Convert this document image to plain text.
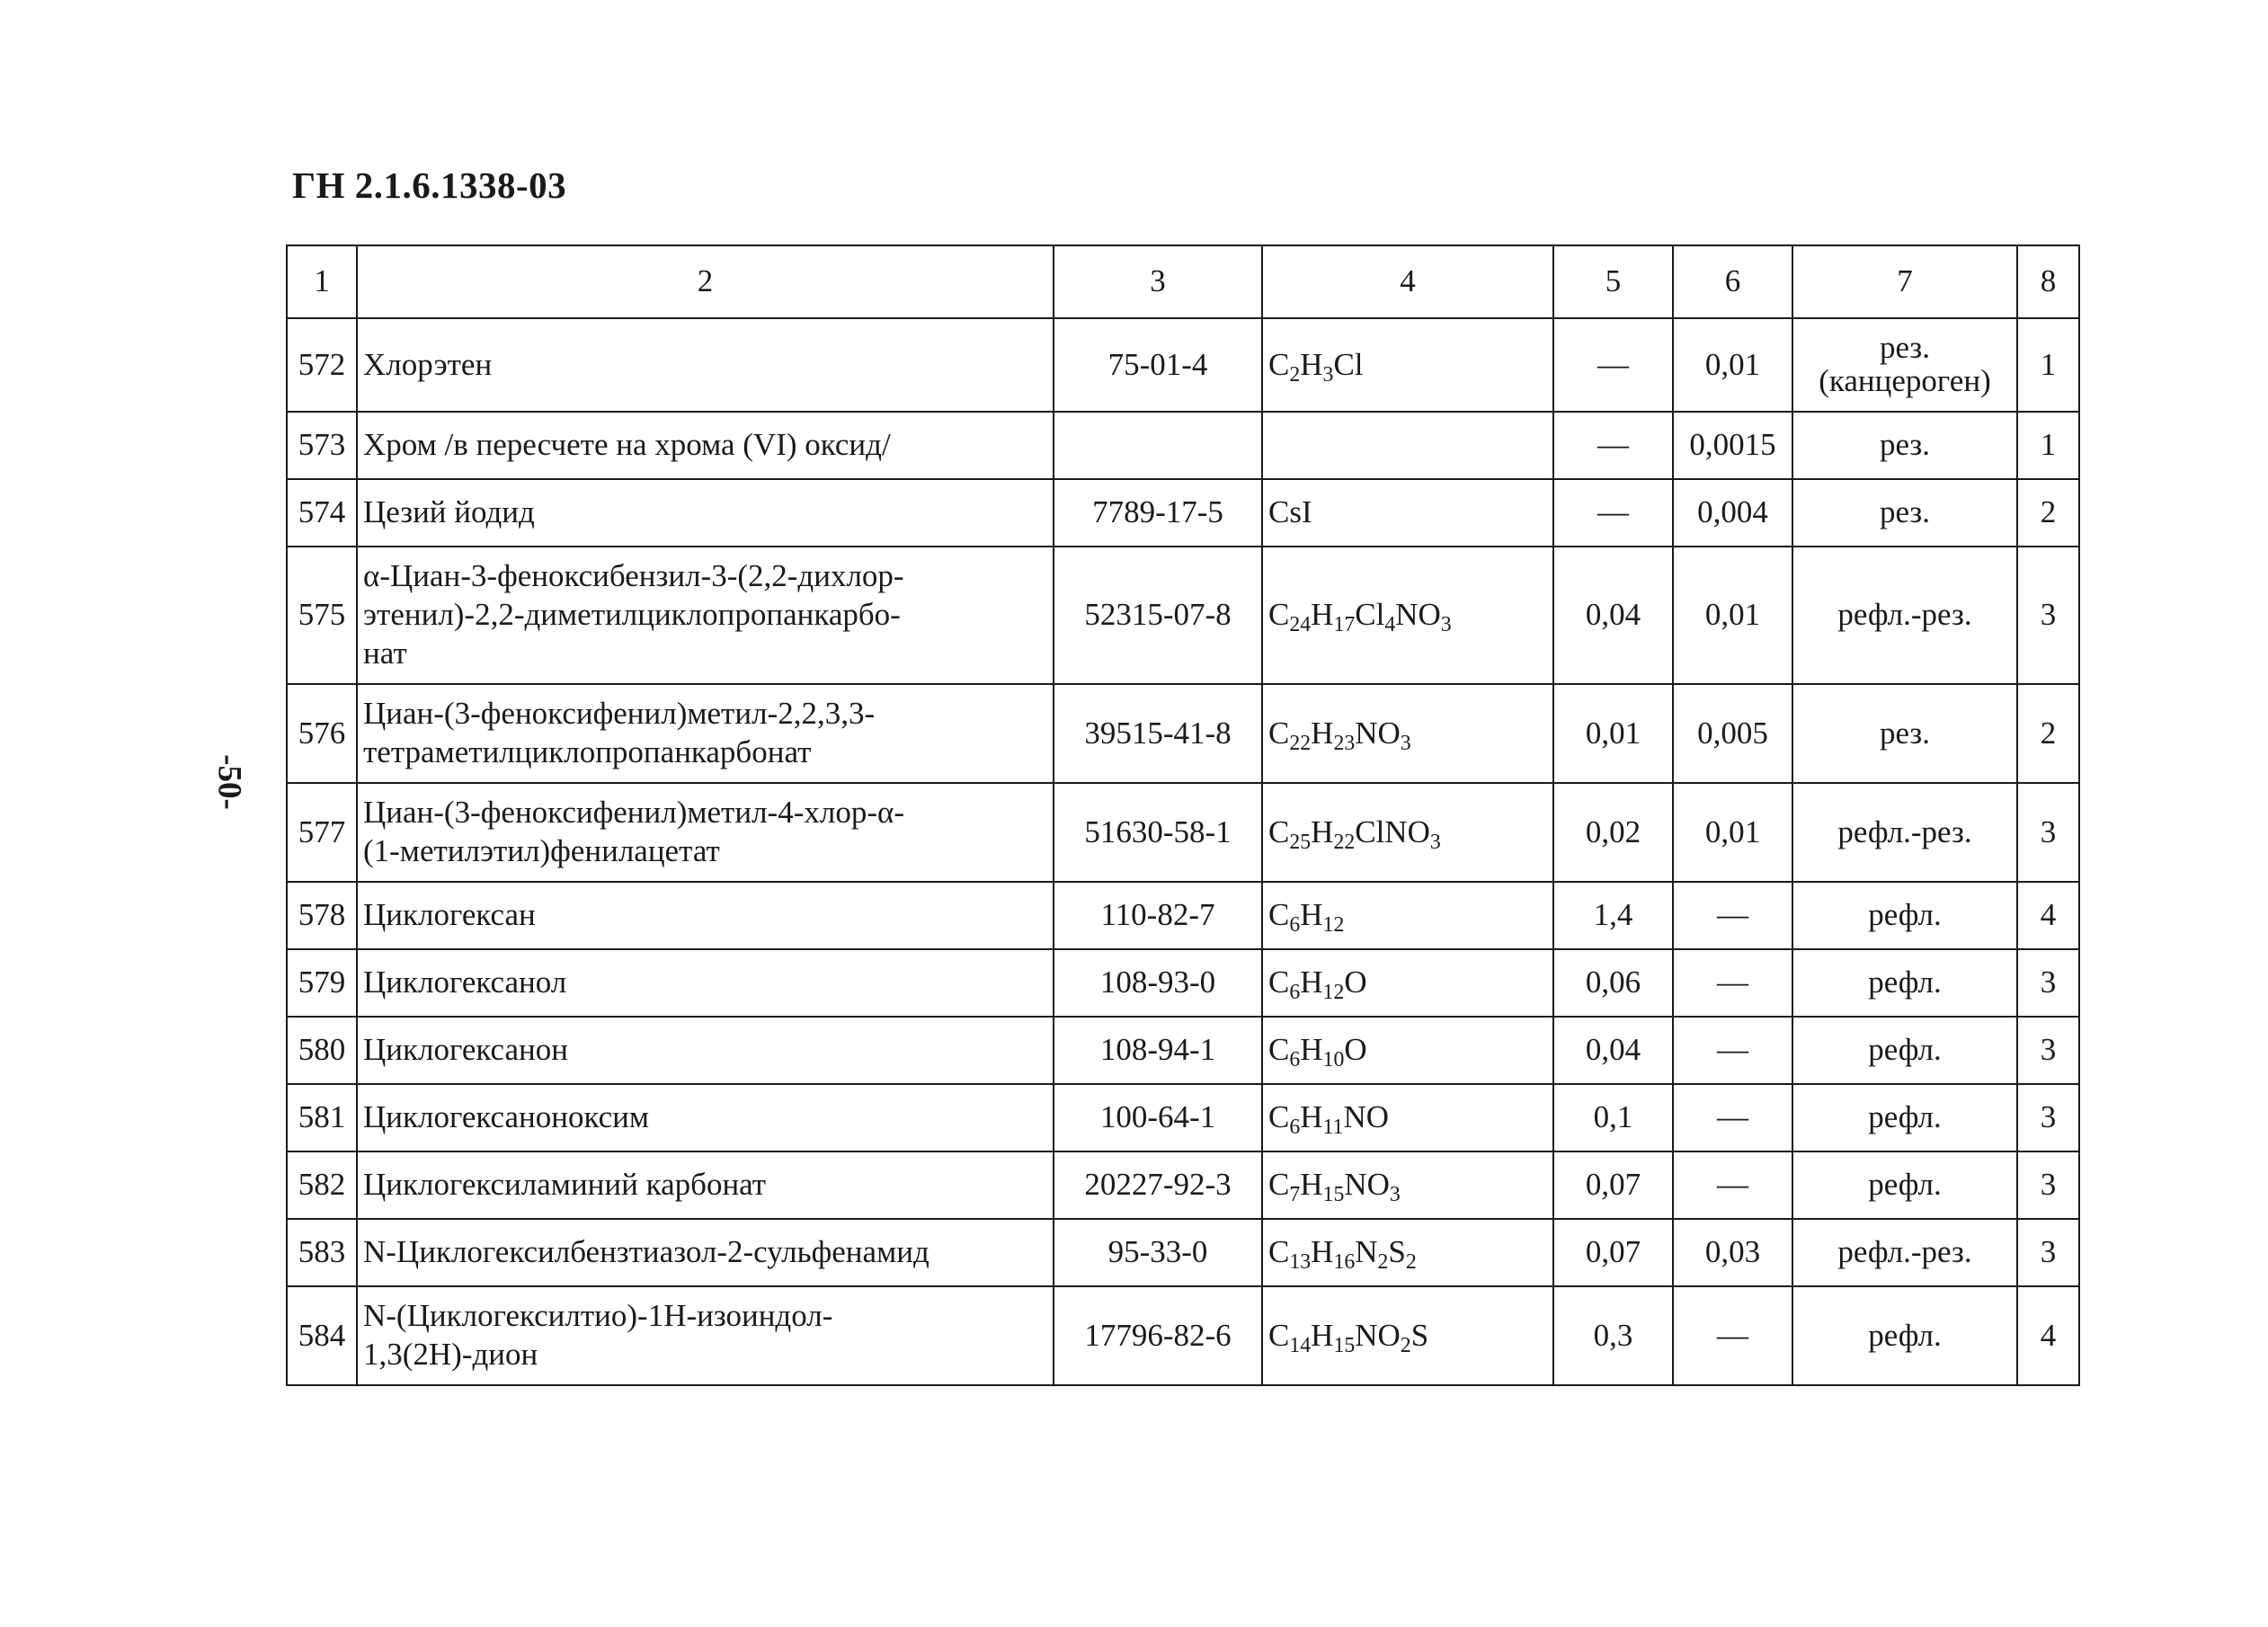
ГН 2.1.6.1338-03
-50-
1	2	3	4	5	6	7	8
572	Хлорэтен	75-01-4	$C_2H_3Cl$	—	0,01	рез.
(канцероген)	1
573	Хром /в пересчете на хрома (VI) оксид/			—	0,0015	рез.	1
574	Цезий йодид	7789-17-5	CsI	—	0,004	рез.	2
575	α-Циан-3-феноксибензил-3-(2,2-дихлор-
этенил)-2,2-диметилциклопропанкарбо-
нат	52315-07-8	$C_{24}H_{17}Cl_4NO_3$	0,04	0,01	рефл.-рез.	3
576	Циан-(3-феноксифенил)метил-2,2,3,3-
тетраметилциклопропанкарбонат	39515-41-8	$C_{22}H_{23}NO_3$	0,01	0,005	рез.	2
577	Циан-(3-феноксифенил)метил-4-хлор-α-
(1-метилэтил)фенилацетат	51630-58-1	$C_{25}H_{22}ClNO_3$	0,02	0,01	рефл.-рез.	3
578	Циклогексан	110-82-7	$C_6H_{12}$	1,4	—	рефл.	4
579	Циклогексанол	108-93-0	$C_6H_{12}O$	0,06	—	рефл.	3
580	Циклогексанон	108-94-1	$C_6H_{10}O$	0,04	—	рефл.	3
581	Циклогексаноноксим	100-64-1	$C_6H_{11}NO$	0,1	—	рефл.	3
582	Циклогексиламиний карбонат	20227-92-3	$C_7H_{15}NO_3$	0,07	—	рефл.	3
583	N-Циклогексилбензтиазол-2-сульфенамид	95-33-0	$C_{13}H_{16}N_2S_2$	0,07	0,03	рефл.-рез.	3
584	N-(Циклогексилтио)-1Н-изоиндол-
1,3(2Н)-дион	17796-82-6	$C_{14}H_{15}NO_2S$	0,3	—	рефл.	4
